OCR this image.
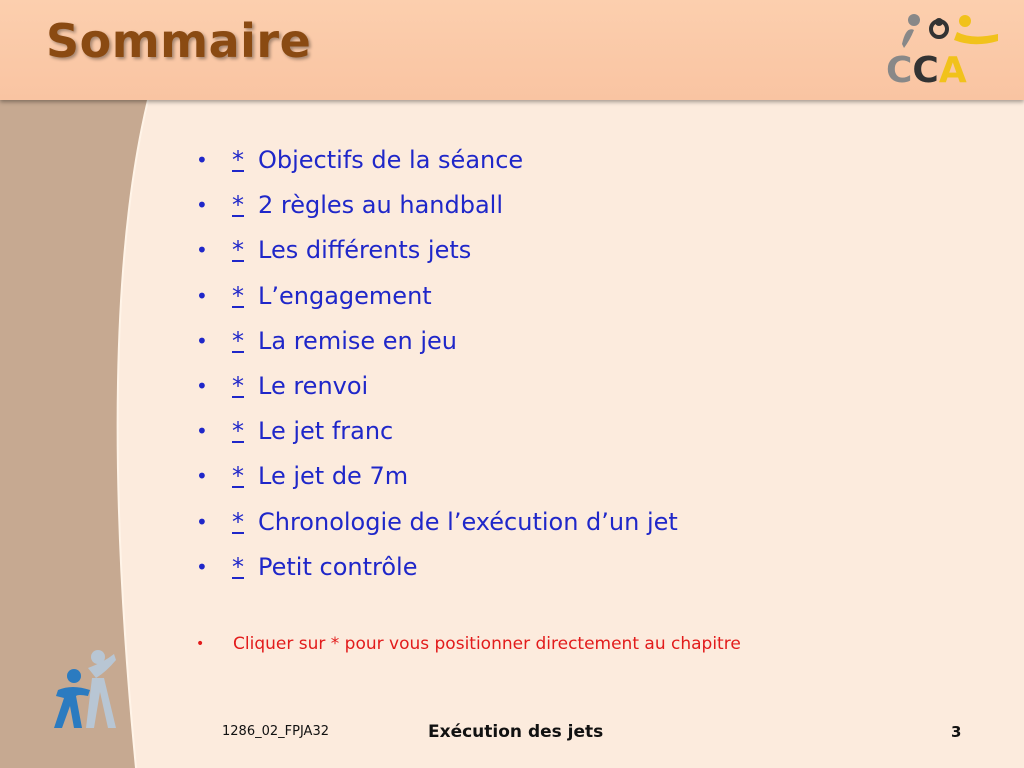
Sommaire
CCA
• * Objectifs de la séance
• * 2 règles au handball
• * Les différents jets
• * L’engagement
• * La remise en jeu
• * Le renvoi
• * Le jet franc
• * Le jet de 7m
• * Chronologie de l’exécution d’un jet
• * Petit contrôle
• Cliquer sur * pour vous positionner directement au chapitre
1286_02_FPJA32	Exécution des jets	3
